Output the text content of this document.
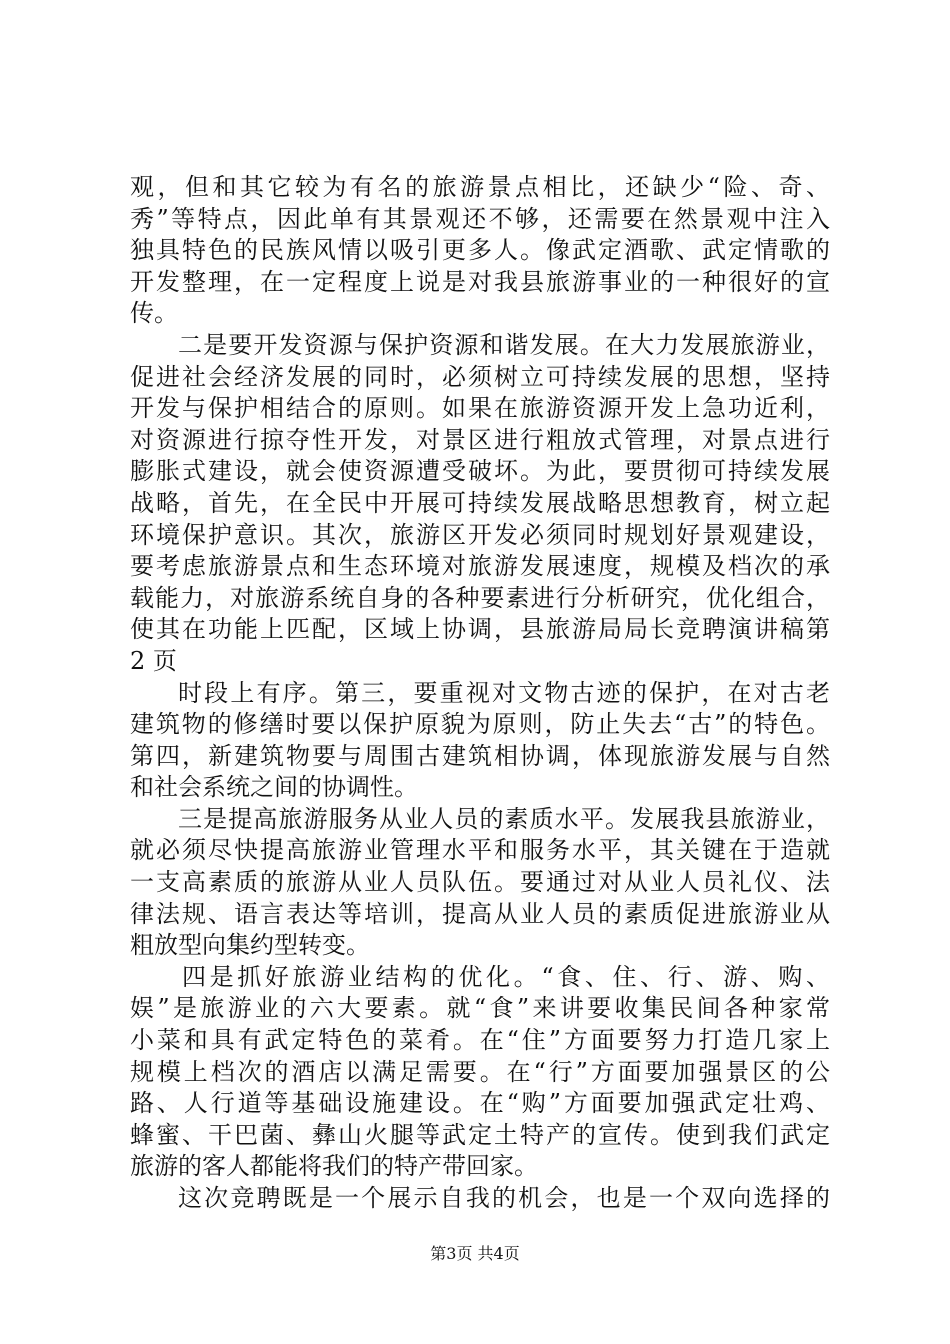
观，但和其它较为有名的旅游景点相比，还缺少“险、奇、
秀”等特点，因此单有其景观还不够，还需要在然景观中注入
独具特色的民族风情以吸引更多人。像武定酒歌、武定情歌的
开发整理，在一定程度上说是对我县旅游事业的一种很好的宣
传。
二是要开发资源与保护资源和谐发展。在大力发展旅游业，
促进社会经济发展的同时，必须树立可持续发展的思想，坚持
开发与保护相结合的原则。如果在旅游资源开发上急功近利，
对资源进行掠夺性开发，对景区进行粗放式管理，对景点进行
膨胀式建设，就会使资源遭受破坏。为此，要贯彻可持续发展
战略，首先，在全民中开展可持续发展战略思想教育，树立起
环境保护意识。其次，旅游区开发必须同时规划好景观建设，
要考虑旅游景点和生态环境对旅游发展速度，规模及档次的承
载能力，对旅游系统自身的各种要素进行分析研究，优化组合，
使其在功能上匹配，区域上协调，县旅游局局长竞聘演讲稿第
2 页
时段上有序。第三，要重视对文物古迹的保护，在对古老
建筑物的修缮时要以保护原貌为原则，防止失去“古”的特色。
第四，新建筑物要与周围古建筑相协调，体现旅游发展与自然
和社会系统之间的协调性。
三是提高旅游服务从业人员的素质水平。发展我县旅游业，
就必须尽快提高旅游业管理水平和服务水平，其关键在于造就
一支高素质的旅游从业人员队伍。要通过对从业人员礼仪、法
律法规、语言表达等培训，提高从业人员的素质促进旅游业从
粗放型向集约型转变。
四是抓好旅游业结构的优化。“食、住、行、游、购、
娱”是旅游业的六大要素。就“食”来讲要收集民间各种家常
小菜和具有武定特色的菜肴。在“住”方面要努力打造几家上
规模上档次的酒店以满足需要。在“行”方面要加强景区的公
路、人行道等基础设施建设。在“购”方面要加强武定壮鸡、
蜂蜜、干巴菌、彝山火腿等武定土特产的宣传。使到我们武定
旅游的客人都能将我们的特产带回家。
这次竞聘既是一个展示自我的机会，也是一个双向选择的
第3页 共4页
